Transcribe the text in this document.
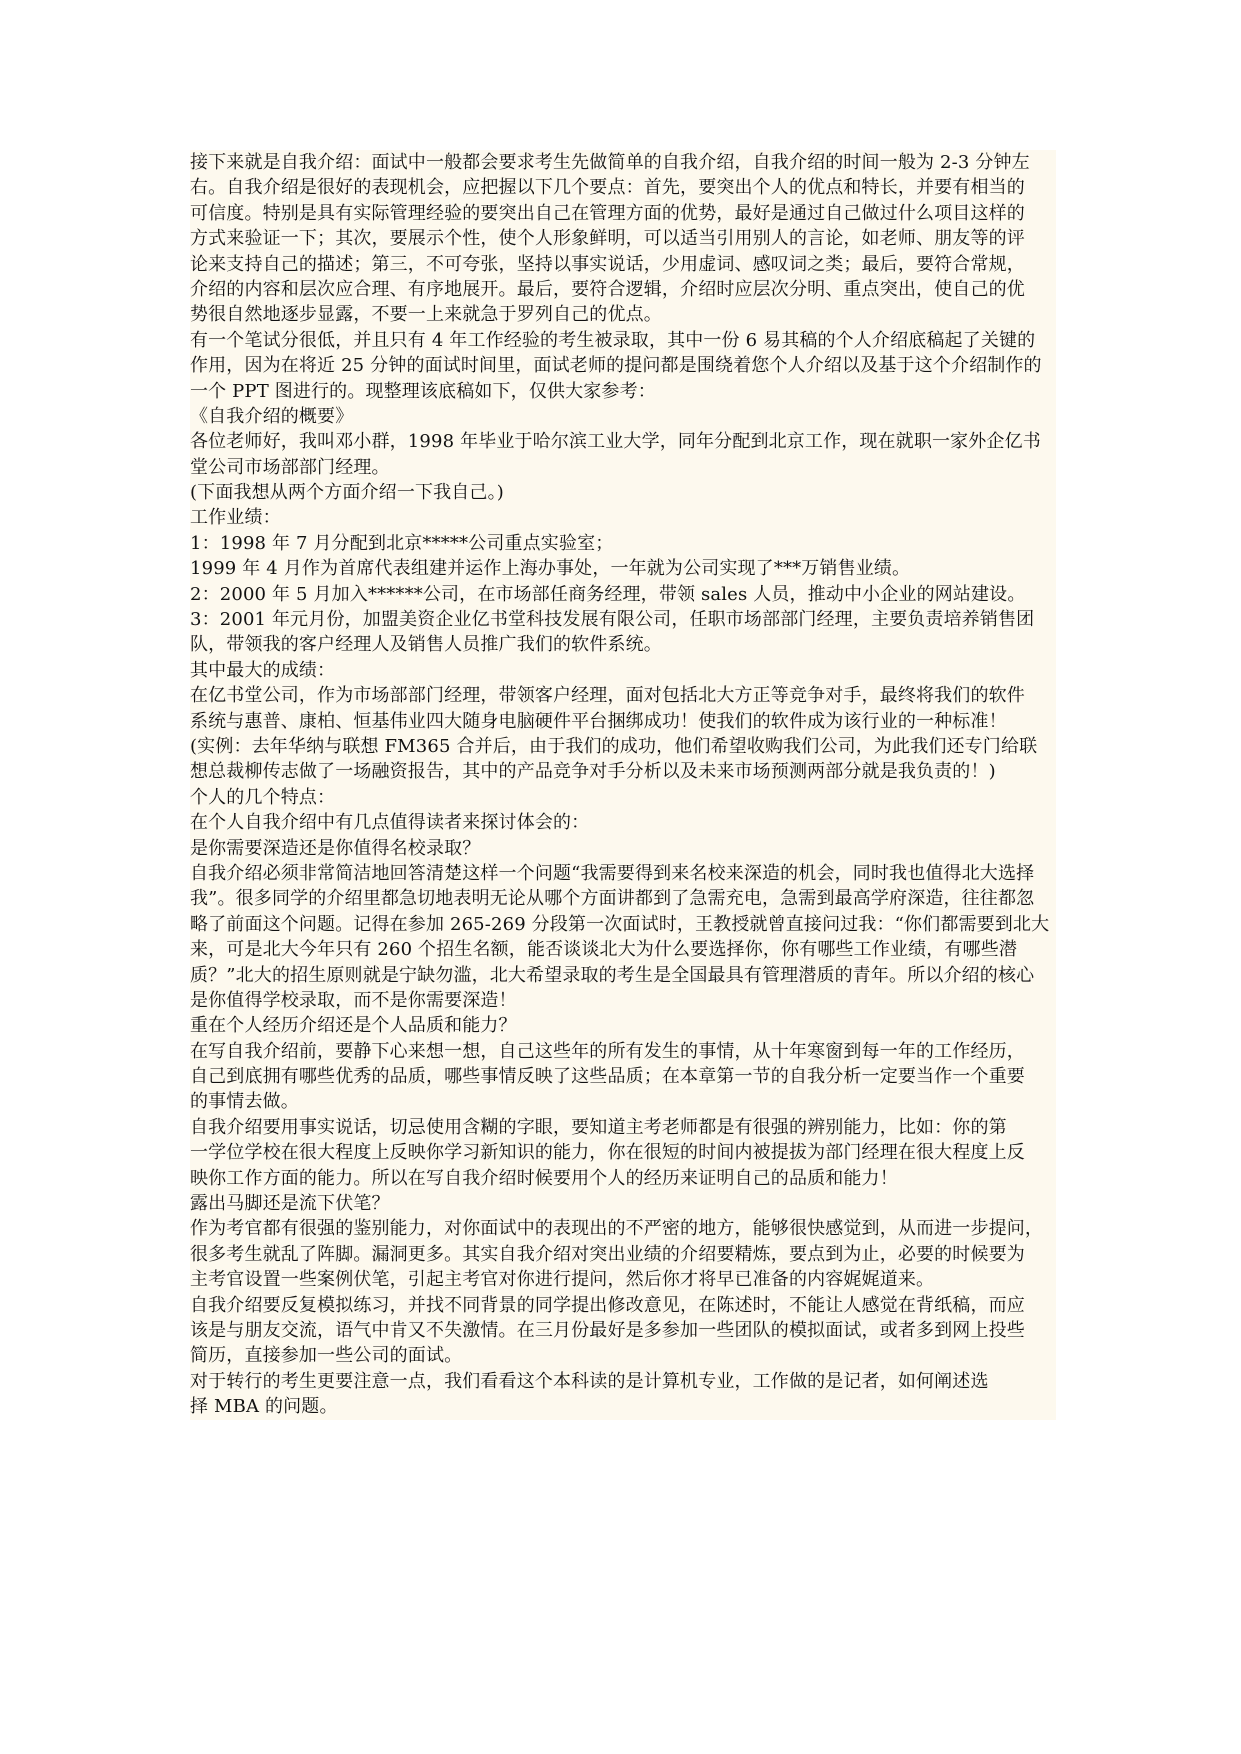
接下来就是自我介绍：面试中一般都会要求考生先做简单的自我介绍，自我介绍的时间一般为 2-3 分钟左
右。自我介绍是很好的表现机会，应把握以下几个要点：首先，要突出个人的优点和特长，并要有相当的
可信度。特别是具有实际管理经验的要突出自己在管理方面的优势，最好是通过自己做过什么项目这样的
方式来验证一下；其次，要展示个性，使个人形象鲜明，可以适当引用别人的言论，如老师、朋友等的评
论来支持自己的描述；第三，不可夸张，坚持以事实说话，少用虚词、感叹词之类；最后，要符合常规，
介绍的内容和层次应合理、有序地展开。最后，要符合逻辑，介绍时应层次分明、重点突出，使自己的优
势很自然地逐步显露，不要一上来就急于罗列自己的优点。
有一个笔试分很低，并且只有 4 年工作经验的考生被录取，其中一份 6 易其稿的个人介绍底稿起了关键的
作用，因为在将近 25 分钟的面试时间里，面试老师的提问都是围绕着您个人介绍以及基于这个介绍制作的
一个 PPT 图进行的。现整理该底稿如下，仅供大家参考：
《自我介绍的概要》
各位老师好，我叫邓小群，1998 年毕业于哈尔滨工业大学，同年分配到北京工作，现在就职一家外企亿书
堂公司市场部部门经理。
(下面我想从两个方面介绍一下我自己。)
工作业绩：
1：1998 年 7 月分配到北京*****公司重点实验室；
1999 年 4 月作为首席代表组建并运作上海办事处，一年就为公司实现了***万销售业绩。
2：2000 年 5 月加入******公司，在市场部任商务经理，带领 sales 人员，推动中小企业的网站建设。
3：2001 年元月份，加盟美资企业亿书堂科技发展有限公司，任职市场部部门经理，主要负责培养销售团
队，带领我的客户经理人及销售人员推广我们的软件系统。
其中最大的成绩：
在亿书堂公司，作为市场部部门经理，带领客户经理，面对包括北大方正等竞争对手，最终将我们的软件
系统与惠普、康柏、恒基伟业四大随身电脑硬件平台捆绑成功！使我们的软件成为该行业的一种标准！
(实例：去年华纳与联想 FM365 合并后，由于我们的成功，他们希望收购我们公司，为此我们还专门给联
想总裁柳传志做了一场融资报告，其中的产品竞争对手分析以及未来市场预测两部分就是我负责的！)
个人的几个特点：
在个人自我介绍中有几点值得读者来探讨体会的：
是你需要深造还是你值得名校录取？
自我介绍必须非常简洁地回答清楚这样一个问题“我需要得到来名校来深造的机会，同时我也值得北大选择
我”。很多同学的介绍里都急切地表明无论从哪个方面讲都到了急需充电，急需到最高学府深造，往往都忽
略了前面这个问题。记得在参加 265-269 分段第一次面试时，王教授就曾直接问过我：“你们都需要到北大
来，可是北大今年只有 260 个招生名额，能否谈谈北大为什么要选择你，你有哪些工作业绩，有哪些潜
质？”北大的招生原则就是宁缺勿滥，北大希望录取的考生是全国最具有管理潜质的青年。所以介绍的核心
是你值得学校录取，而不是你需要深造！
重在个人经历介绍还是个人品质和能力？
在写自我介绍前，要静下心来想一想，自己这些年的所有发生的事情，从十年寒窗到每一年的工作经历，
自己到底拥有哪些优秀的品质，哪些事情反映了这些品质；在本章第一节的自我分析一定要当作一个重要
的事情去做。
自我介绍要用事实说话，切忌使用含糊的字眼，要知道主考老师都是有很强的辨别能力，比如：你的第
一学位学校在很大程度上反映你学习新知识的能力，你在很短的时间内被提拔为部门经理在很大程度上反
映你工作方面的能力。所以在写自我介绍时候要用个人的经历来证明自己的品质和能力！
露出马脚还是流下伏笔？
作为考官都有很强的鉴别能力，对你面试中的表现出的不严密的地方，能够很快感觉到，从而进一步提问，
很多考生就乱了阵脚。漏洞更多。其实自我介绍对突出业绩的介绍要精炼，要点到为止，必要的时候要为
主考官设置一些案例伏笔，引起主考官对你进行提问，然后你才将早已准备的内容娓娓道来。
自我介绍要反复模拟练习，并找不同背景的同学提出修改意见，在陈述时，不能让人感觉在背纸稿，而应
该是与朋友交流，语气中肯又不失激情。在三月份最好是多参加一些团队的模拟面试，或者多到网上投些
简历，直接参加一些公司的面试。
对于转行的考生更要注意一点，我们看看这个本科读的是计算机专业，工作做的是记者，如何阐述选
择 MBA 的问题。
